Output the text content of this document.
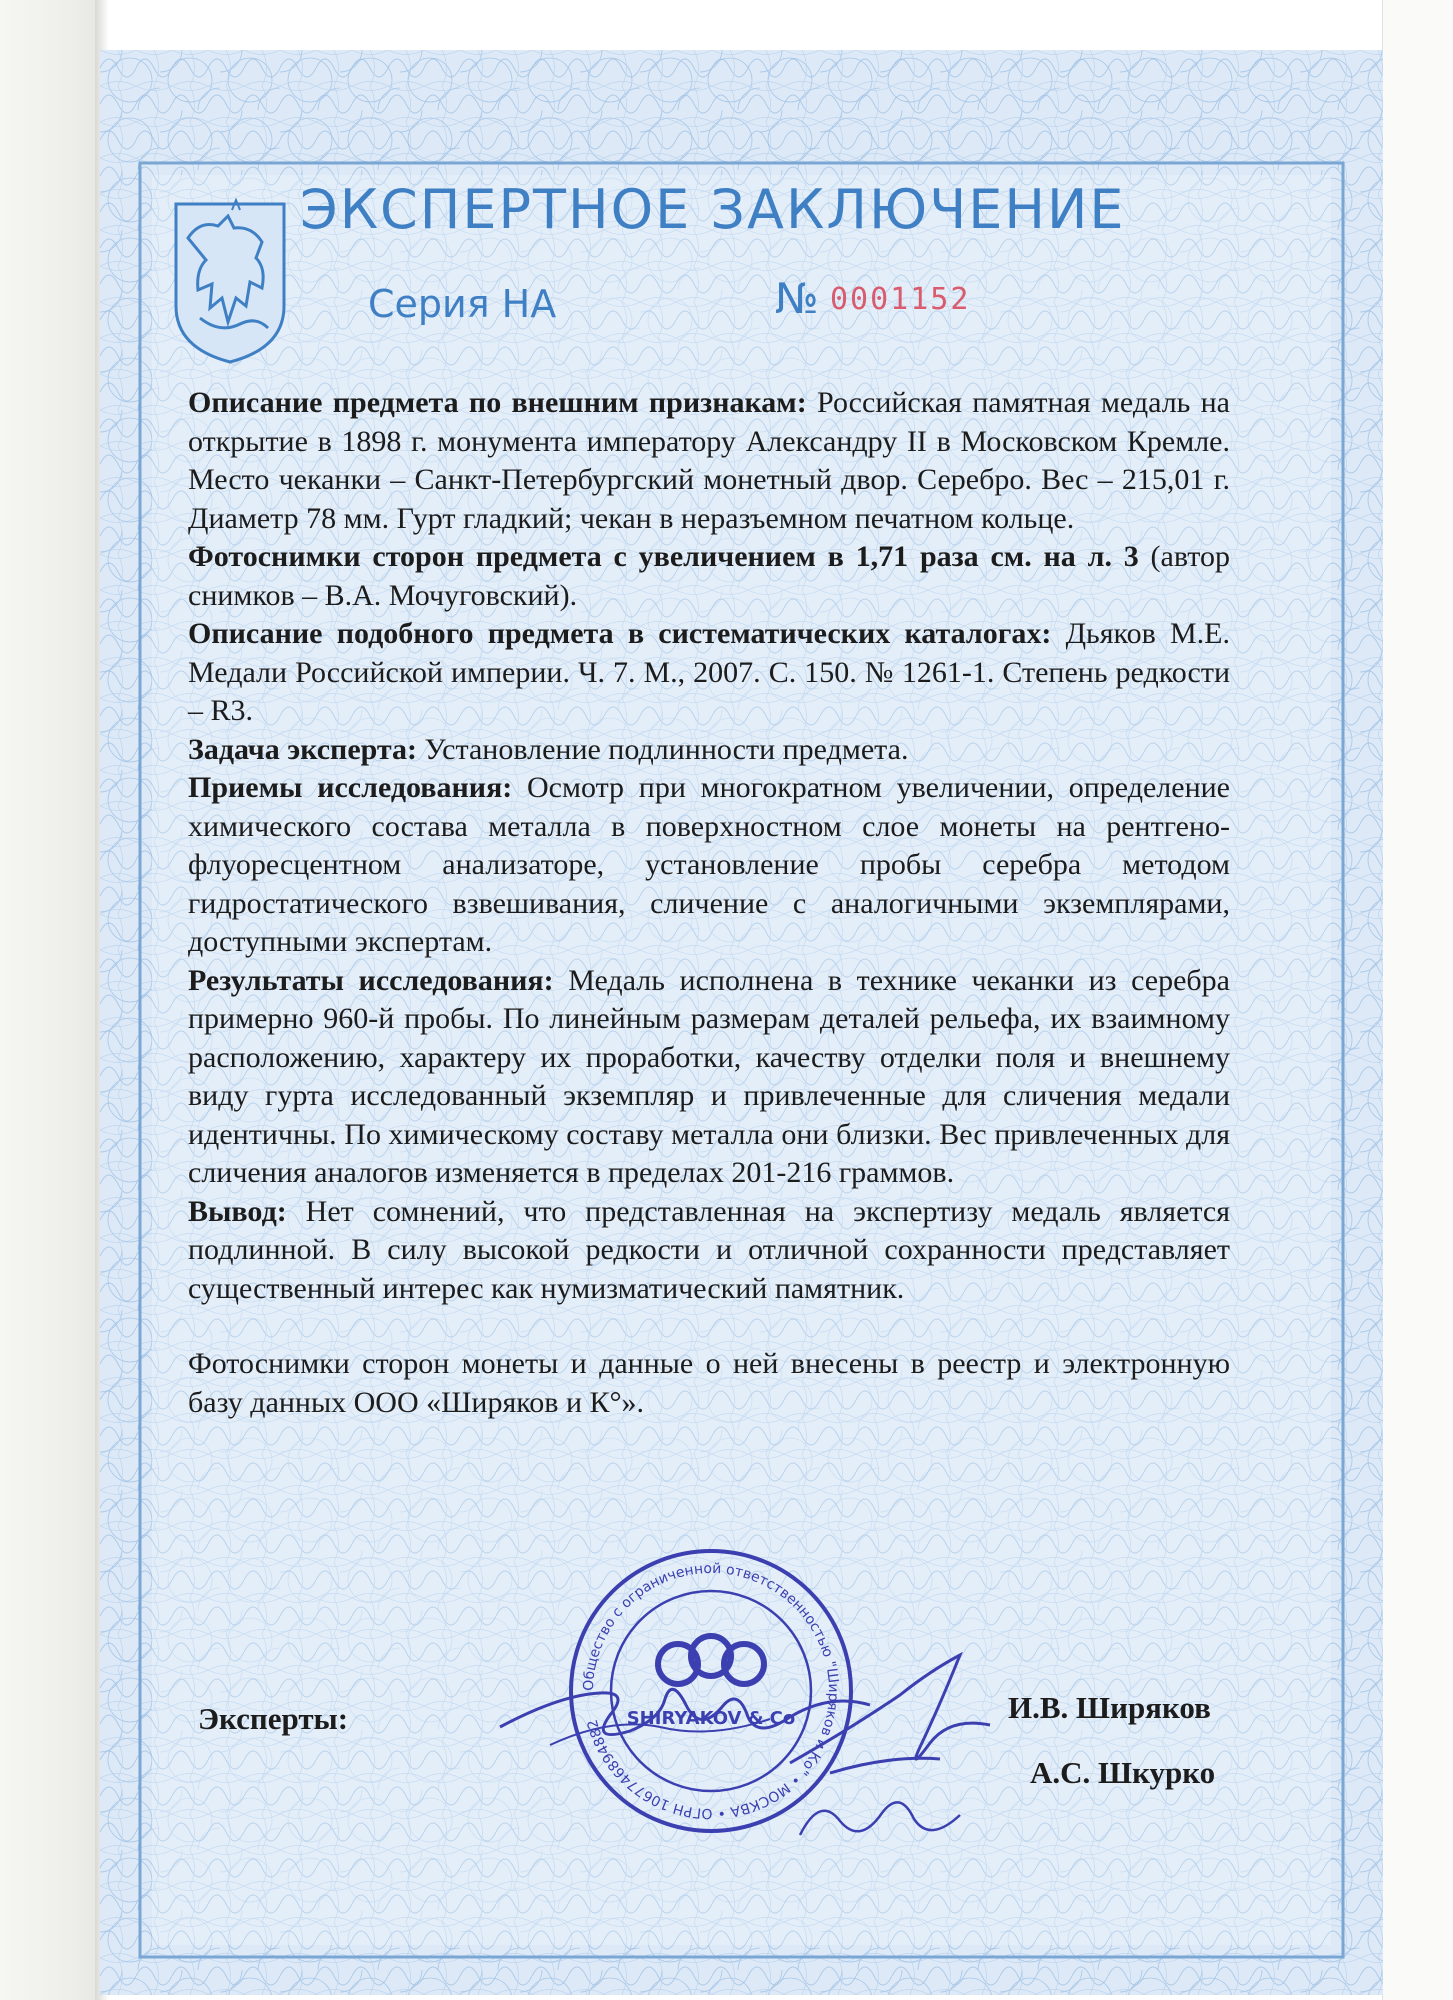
ЭКСПЕРТНОЕ ЗАКЛЮЧЕНИЕ
Серия НА	№ 0001152

Описание предмета по внешним признакам: Российская памятная медаль на открытие в 1898 г. монумента императору Александру II в Московском Кремле. Место чеканки – Санкт-Петербургский монетный двор. Серебро. Вес – 215,01 г. Диаметр 78 мм. Гурт гладкий; чекан в неразъемном печатном кольце.

Фотоснимки сторон предмета с увеличением в 1,71 раза см. на л. 3 (автор снимков – В.А. Мочуговский).

Описание подобного предмета в систематических каталогах: Дьяков М.Е. Медали Российской империи. Ч. 7. М., 2007. С. 150. № 1261-1. Степень редкости – R3.

Задача эксперта: Установление подлинности предмета.

Приемы исследования: Осмотр при многократном увеличении, определение химического состава металла в поверхностном слое монеты на рентгено-флуоресцентном анализаторе, установление пробы серебра методом гидростатического взвешивания, сличение с аналогичными экземплярами, доступными экспертам.

Результаты исследования: Медаль исполнена в технике чеканки из серебра примерно 960-й пробы. По линейным размерам деталей рельефа, их взаимному расположению, характеру их проработки, качеству отделки поля и внешнему виду гурта исследованный экземпляр и привлеченные для сличения медали идентичны. По химическому составу металла они близки. Вес привлеченных для сличения аналогов изменяется в пределах 201-216 граммов.

Вывод: Нет сомнений, что представленная на экспертизу медаль является подлинной. В силу высокой редкости и отличной сохранности представляет существенный интерес как нумизматический памятник.

Фотоснимки сторон монеты и данные о ней внесены в реестр и электронную базу данных ООО «Ширяков и К°».

Общество с ограниченной ответственностью "Ширяков и Ко" • МОСКВА • ОГРН 1067746894882	SHIRYAKOV & Co
Эксперты:	И.В. Ширяков
А.С. Шкурко
